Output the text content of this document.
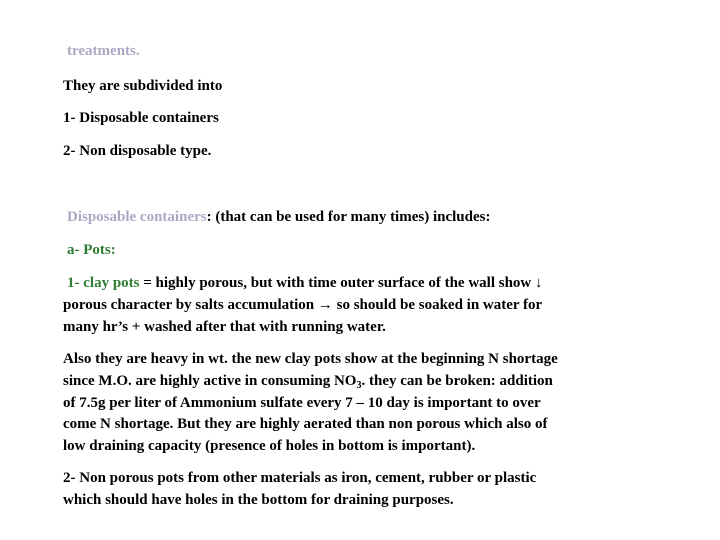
treatments.
They are subdivided into
1- Disposable containers
2- Non disposable type.
Disposable containers: (that can be used for many times) includes:
a- Pots:
1- clay pots = highly porous, but with time outer surface of the wall show ↓
porous character by salts accumulation → so should be soaked in water for
many hr’s + washed after that with running water.
Also they are heavy in wt. the new clay pots show at the beginning N shortage
since M.O. are highly active in consuming $NO_3$. they can be broken: addition
of 7.5g per liter of Ammonium sulfate every 7 – 10 day is important to over
come N shortage. But they are highly aerated than non porous which also of
low draining capacity (presence of holes in bottom is important).
2- Non porous pots from other materials as iron, cement, rubber or plastic
which should have holes in the bottom for draining purposes.
